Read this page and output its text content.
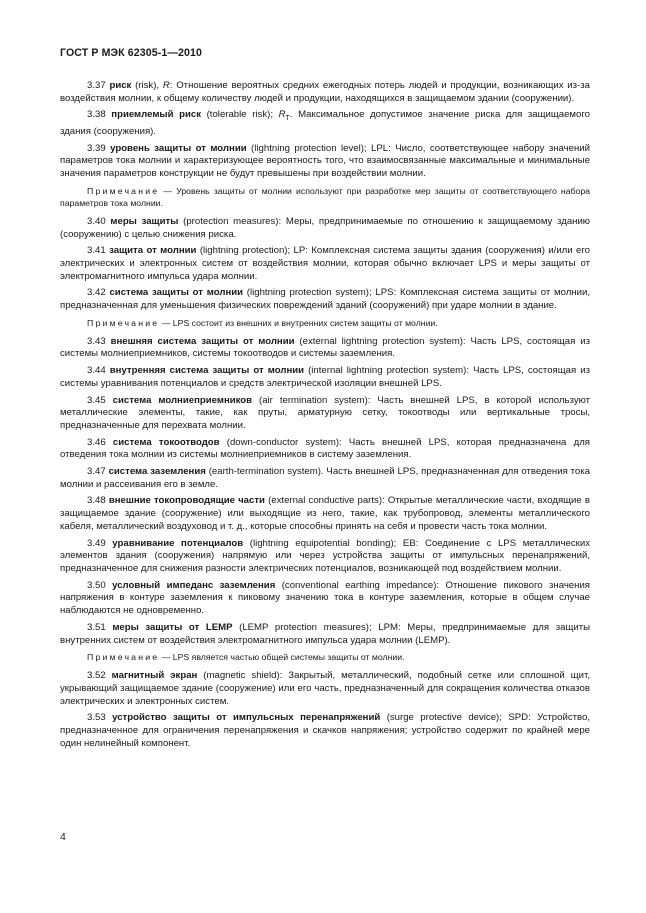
ГОСТ Р МЭК 62305-1—2010

3.37 риск (risk), R: Отношение вероятных средних ежегодных потерь людей и продукции, возникающих из-за воздействия молнии, к общему количеству людей и продукции, находящихся в защищаемом здании (сооружении).

3.38 приемлемый риск (tolerable risk); $R_T$. Максимальное допустимое значение риска для защищаемого здания (сооружения).

3.39 уровень защиты от молнии (lightning protection level); LPL: Число, соответствующее набору значений параметров тока молнии и характеризующее вероятность того, что взаимосвязанные максимальные и минимальные значения параметров конструкции не будут превышены при воздействии молнии.

Примечание — Уровень защиты от молнии используют при разработке мер защиты от соответствующего набора параметров тока молнии.

3.40 меры защиты (protection measures): Меры, предпринимаемые по отношению к защищаемому зданию (сооружению) с целью снижения риска.

3.41 защита от молнии (lightning protection); LP: Комплексная система защиты здания (сооружения) и/или его электрических и электронных систем от воздействия молнии, которая обычно включает LPS и меры защиты от электромагнитного импульса удара молнии.

3.42 система защиты от молнии (lightning protection system); LPS: Комплексная система защиты от молнии, предназначенная для уменьшения физических повреждений зданий (сооружений) при ударе молнии в здание.

Примечание — LPS состоит из внешних и внутренних систем защиты от молнии.

3.43 внешняя система защиты от молнии (external lightning protection system): Часть LPS, состоящая из системы молниеприемников, системы токоотводов и системы заземления.

3.44 внутренняя система защиты от молнии (internal lightning protection system): Часть LPS, состоящая из системы уравнивания потенциалов и средств электрической изоляции внешней LPS.

3.45 система молниеприемников (air termination system): Часть внешней LPS, в которой используют металлические элементы, такие, как пруты, арматурную сетку, токоотводы или вертикальные тросы, предназначенные для перехвата молнии.

3.46 система токоотводов (down-conductor system): Часть внешней LPS, которая предназначена для отведения тока молнии из системы молниеприемников в систему заземления.

3.47 система заземления (earth-termination system). Часть внешней LPS, предназначенная для отведения тока молнии и рассеивания его в земле.

3.48 внешние токопроводящие части (external conductive parts): Открытые металлические части, входящие в защищаемое здание (сооружение) или выходящие из него, такие, как трубопровод, элементы металлического кабеля, металлический воздуховод и т. д., которые способны принять на себя и провести часть тока молнии.

3.49 уравнивание потенциалов (lightning equipotential bonding); EB: Соединение с LPS металлических элементов здания (сооружения) напрямую или через устройства защиты от импульсных перенапряжений, предназначенное для снижения разности электрических потенциалов, возникающей под воздействием молнии.

3.50 условный импеданс заземления (conventional earthing impedance): Отношение пикового значения напряжения в контуре заземления к пиковому значению тока в контуре заземления, которые в общем случае наблюдаются не одновременно.

3.51 меры защиты от LEMP (LEMP protection measures); LPM: Меры, предпринимаемые для защиты внутренних систем от воздействия электромагнитного импульса удара молнии (LEMP).

Примечание — LPS является частью общей системы защиты от молнии.

3.52 магнитный экран (magnetic shield): Закрытый, металлический, подобный сетке или сплошной щит, укрывающий защищаемое здание (сооружение) или его часть, предназначенный для сокращения количества отказов электрических и электронных систем.

3.53 устройство защиты от импульсных перенапряжений (surge protective device); SPD: Устройство, предназначенное для ограничения перенапряжения и скачков напряжения; устройство содержит по крайней мере один нелинейный компонент.

4
